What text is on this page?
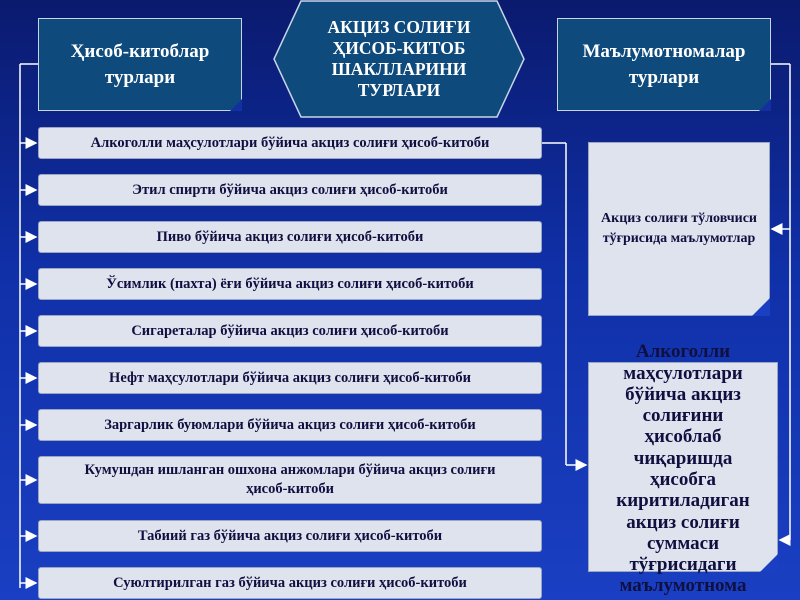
Ҳисоб-китоблар турлари
АКЦИЗ СОЛИҒИ ҲИСОБ-КИТОБ ШАКЛЛАРИНИ ТУРЛАРИ
Маълумотномалар турлари
Алкоголли маҳсулотлари бўйича акциз солиғи ҳисоб-китоби
Этил спирти бўйича акциз солиғи ҳисоб-китоби
Пиво бўйича акциз солиғи ҳисоб-китоби
Ўсимлик (пахта) ёғи бўйича акциз солиғи ҳисоб-китоби
Сигареталар бўйича акциз солиғи ҳисоб-китоби
Нефт маҳсулотлари бўйича акциз солиғи ҳисоб-китоби
Заргарлик буюмлари бўйича акциз солиғи ҳисоб-китоби
Кумушдан ишланган ошхона анжомлари бўйича акциз солиғи ҳисоб-китоби
Табиий газ бўйича акциз солиғи ҳисоб-китоби
Суюлтирилган газ бўйича акциз солиғи ҳисоб-китоби
Акциз солиғи тўловчиси тўғрисида маълумотлар
Алкоголли маҳсулотлари бўйича акциз солиғини ҳисоблаб чиқаришда ҳисобга киритиладиган акциз солиғи суммаси тўғрисидаги маълумотнома
